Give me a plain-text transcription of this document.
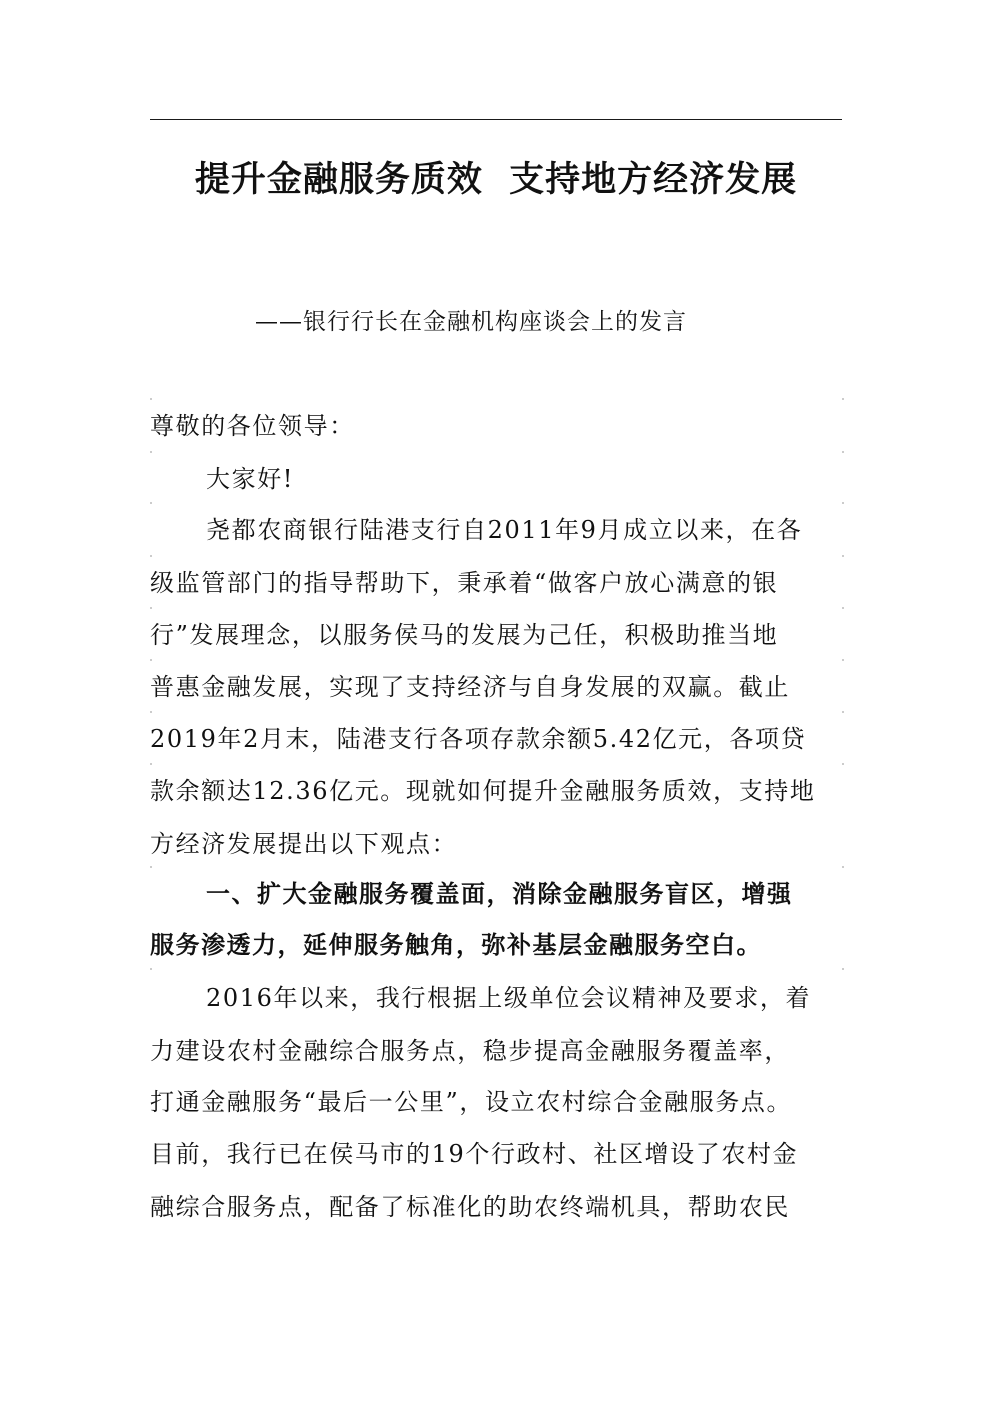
提升金融服务质效  支持地方经济发展
——银行行长在金融机构座谈会上的发言
尊敬的各位领导：
大家好!
尧都农商银行陆港支行自2011年9月成立以来，在各
级监管部门的指导帮助下，秉承着“做客户放心满意的银
行”发展理念，以服务侯马的发展为己任，积极助推当地
普惠金融发展，实现了支持经济与自身发展的双赢。截止
2019年2月末，陆港支行各项存款余额5.42亿元，各项贷
款余额达12.36亿元。现就如何提升金融服务质效，支持地
方经济发展提出以下观点：
一、扩大金融服务覆盖面，消除金融服务盲区，增强
服务渗透力，延伸服务触角，弥补基层金融服务空白。
2016年以来，我行根据上级单位会议精神及要求，着
力建设农村金融综合服务点，稳步提高金融服务覆盖率，
打通金融服务“最后一公里”，设立农村综合金融服务点。
目前，我行已在侯马市的19个行政村、社区增设了农村金
融综合服务点，配备了标准化的助农终端机具，帮助农民
